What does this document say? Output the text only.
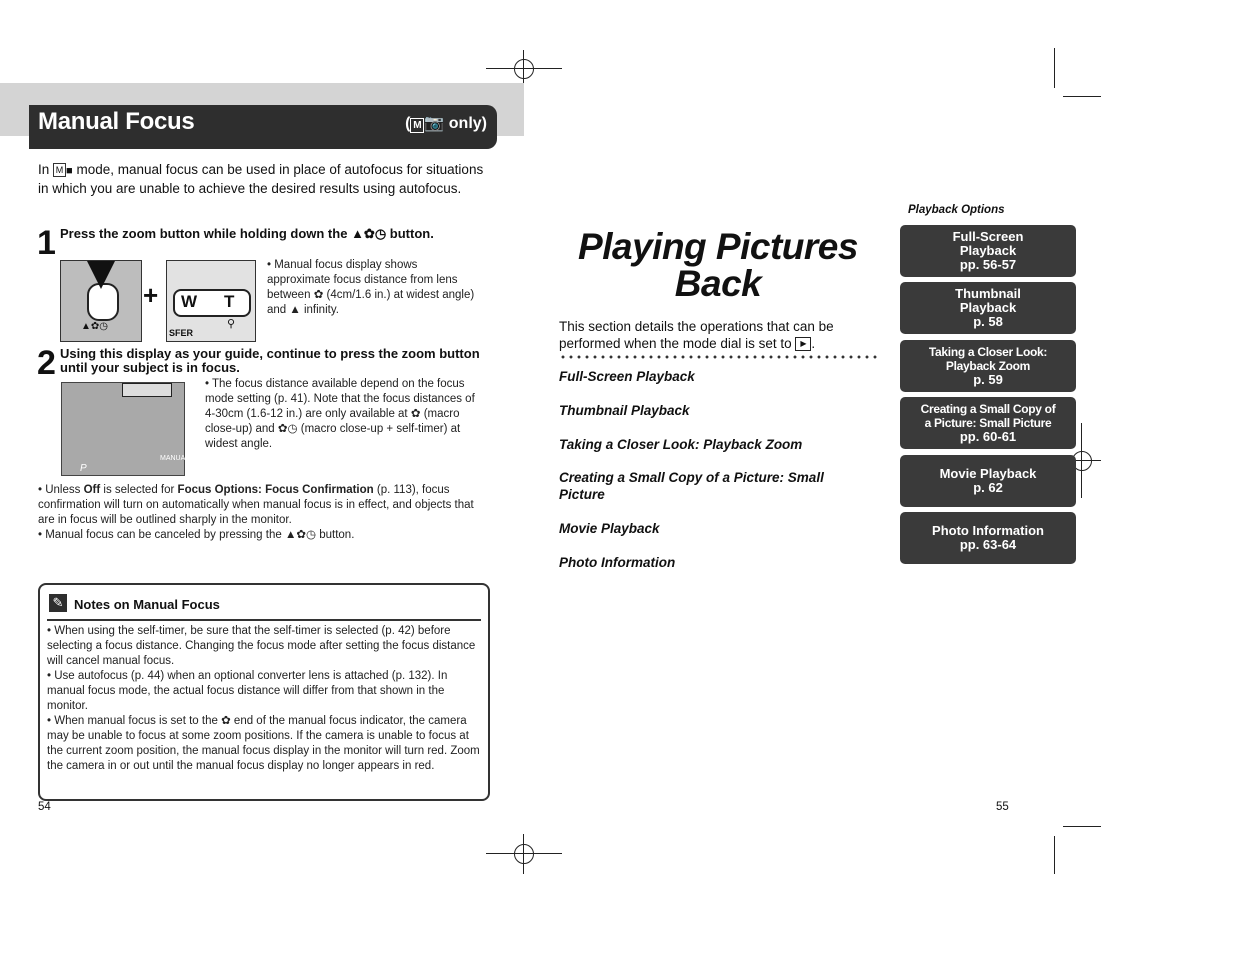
Manual Focus	( M 📷 only)
In M ■ mode, manual focus can be used in place of autofocus for situations in which you are unable to achieve the desired results using autofocus.
1 Press the zoom button while holding down the ▲✿◷ button.
▲✿◷
+ W T
SFER
⚲
• Manual focus display shows approximate focus distance from lens between ✿ (4cm/1.6 in.) at widest angle) and ▲ infinity.
2 Using this display as your guide, continue to press the zoom button until your subject is in focus.
P
MANUAL
• The focus distance available depend on the focus mode setting (p. 41). Note that the focus distances of 4-30cm (1.6-12 in.) are only available at ✿ (macro close-up) and ✿◷ (macro close-up + self-timer) at widest angle.
• Unless Off is selected for Focus Options: Focus Confirmation (p. 113), focus confirmation will turn on automatically when manual focus is in effect, and objects that are in focus will be outlined sharply in the monitor.
• Manual focus can be canceled by pressing the ▲✿◷ button.
✎ Notes on Manual Focus
• When using the self-timer, be sure that the self-timer is selected (p. 42) before selecting a focus distance. Changing the focus mode after setting the focus distance will cancel manual focus.
• Use autofocus (p. 44) when an optional converter lens is attached (p. 132). In manual focus mode, the actual focus distance will differ from that shown in the monitor.
• When manual focus is set to the ✿ end of the manual focus indicator, the camera may be unable to focus at some zoom positions. If the camera is unable to focus at the current zoom position, the manual focus display in the monitor will turn red. Zoom the camera in or out until the manual focus display no longer appears in red.
54
Playing Pictures
Back
This section details the operations that can be performed when the mode dial is set to ▶ .
Full-Screen Playback
Thumbnail Playback
Taking a Closer Look: Playback Zoom
Creating a Small Copy of a Picture: Small Picture
Movie Playback
Photo Information
Playback Options
Full-Screen
Playback
pp. 56-57
Thumbnail
Playback
p. 58
Taking a Closer Look:
Playback Zoom
p. 59
Creating a Small Copy of
a Picture: Small Picture
pp. 60-61
Movie Playback
p. 62
Photo Information
pp. 63-64
55
